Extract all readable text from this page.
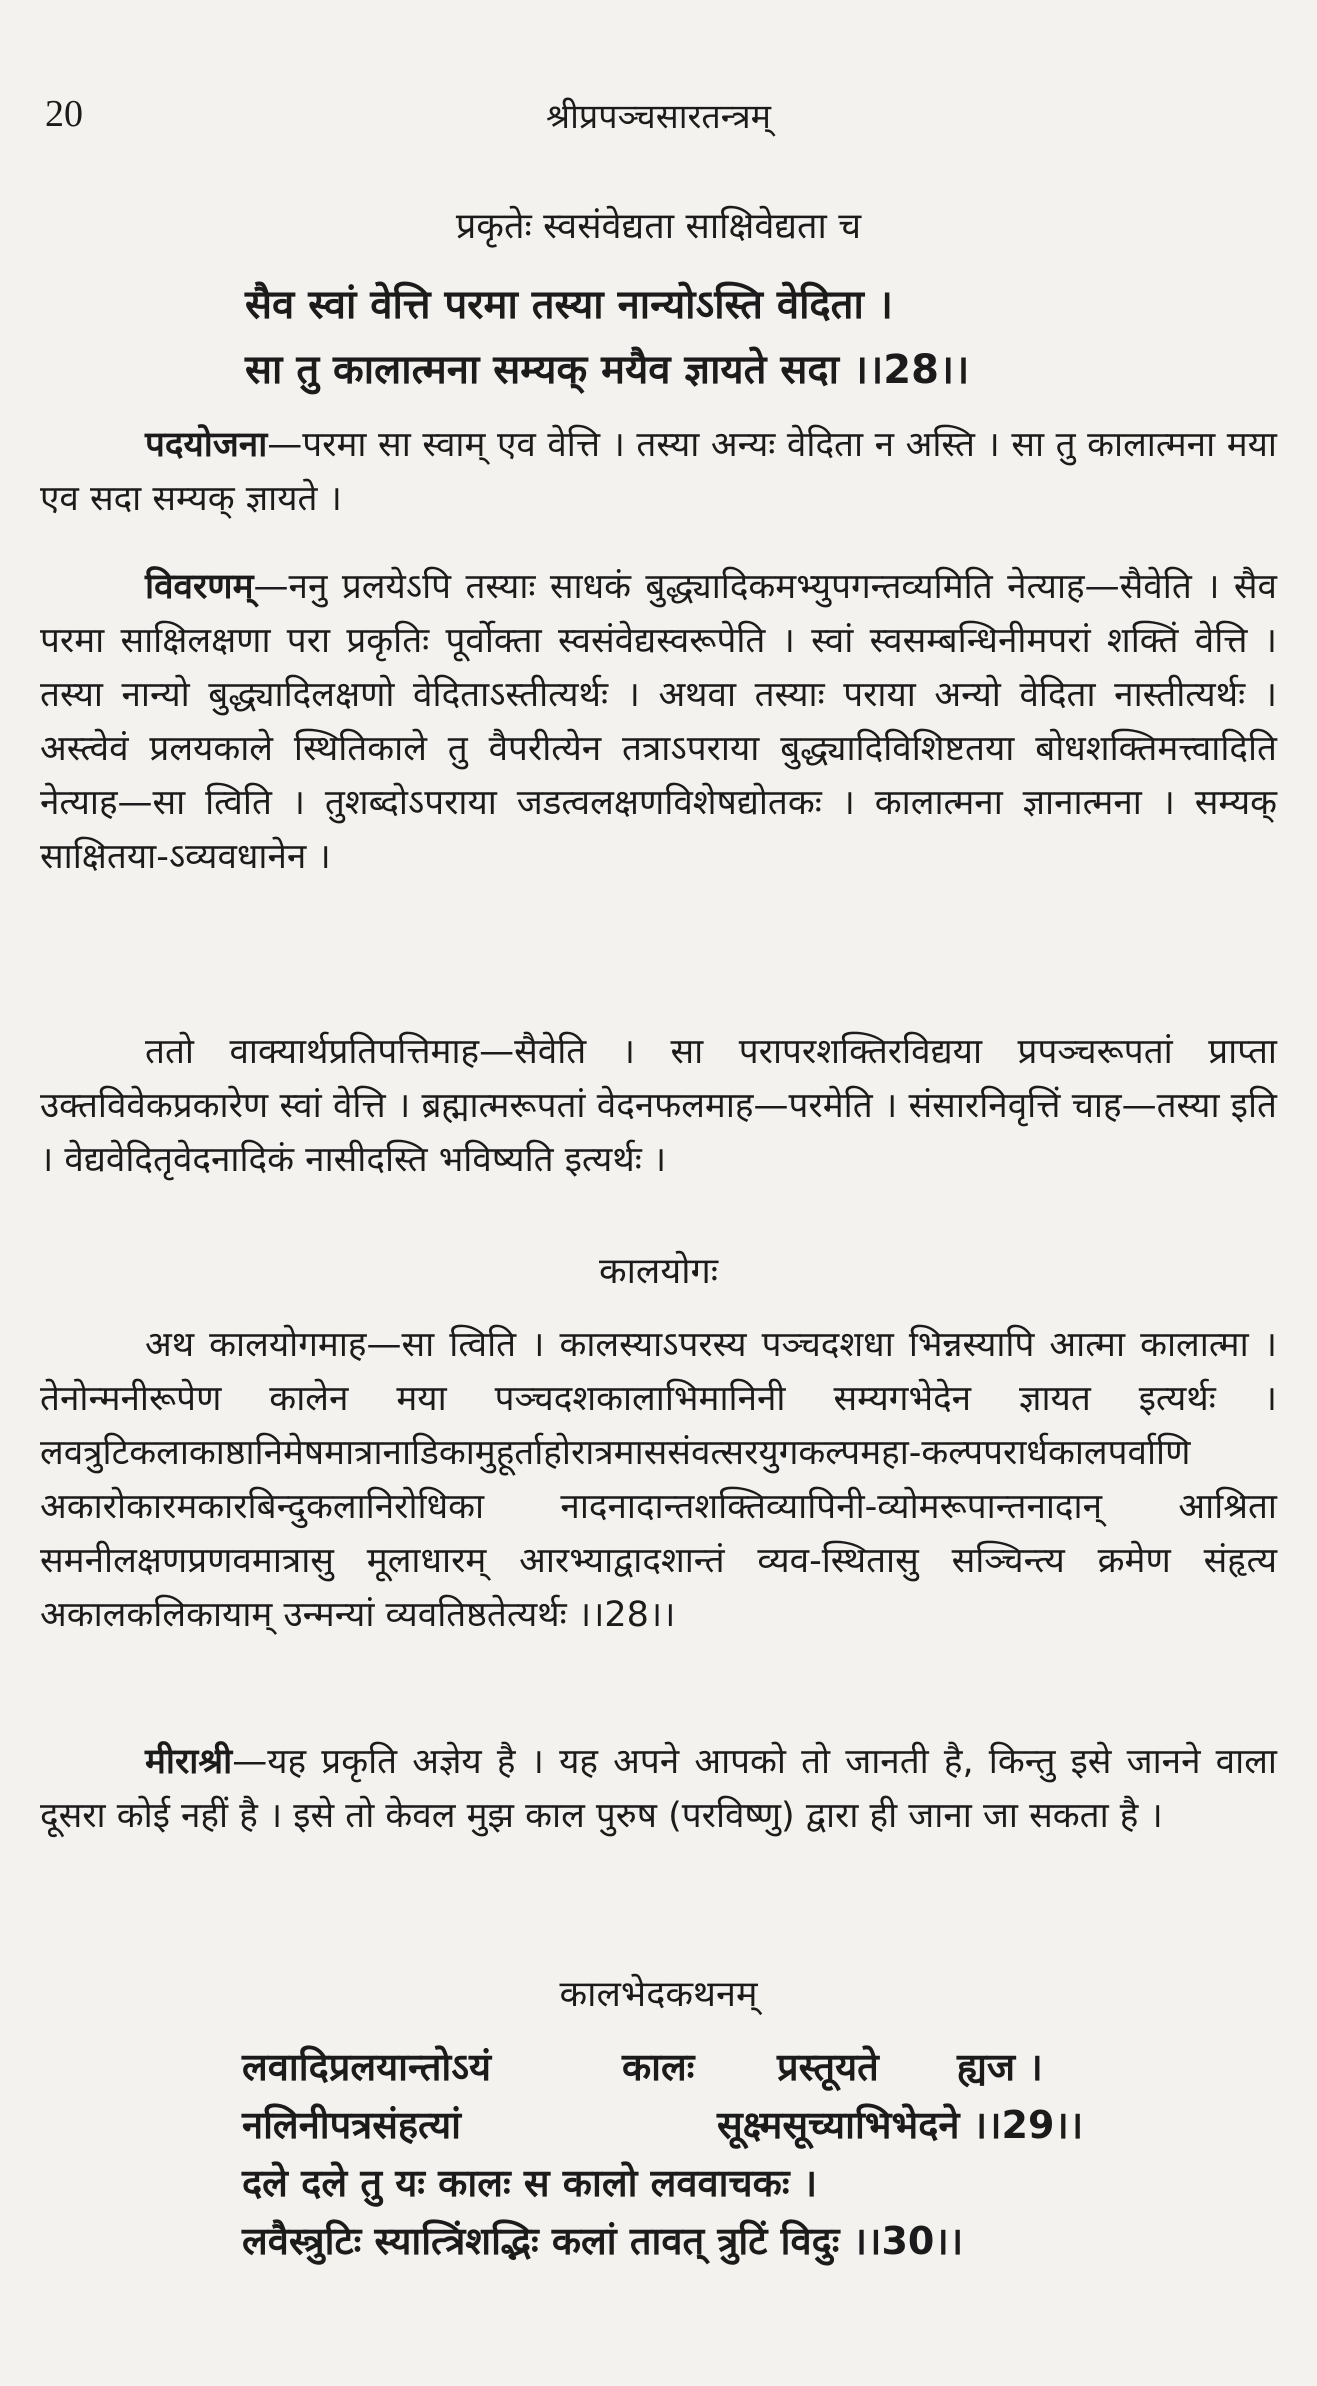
20	श्रीप्रपञ्चसारतन्त्रम्
प्रकृतेः स्वसंवेद्यता साक्षिवेद्यता च
सैव स्वां वेत्ति परमा तस्या नान्योऽस्ति वेदिता ।
सा तु कालात्मना सम्यक् मयैव ज्ञायते सदा ।।28।।

पदयोजना—परमा सा स्वाम् एव वेत्ति । तस्या अन्यः वेदिता न अस्ति । सा तु कालात्मना मया एव सदा सम्यक् ज्ञायते ।

विवरणम्—ननु प्रलयेऽपि तस्याः साधकं बुद्ध्यादिकमभ्युपगन्तव्यमिति नेत्याह—सैवेति । सैव परमा साक्षिलक्षणा परा प्रकृतिः पूर्वोक्ता स्वसंवेद्यस्वरूपेति । स्वां स्वसम्बन्धिनीमपरां शक्तिं वेत्ति । तस्या नान्यो बुद्ध्यादिलक्षणो वेदिताऽस्तीत्यर्थः । अथवा तस्याः पराया अन्यो वेदिता नास्तीत्यर्थः । अस्त्वेवं प्रलयकाले स्थितिकाले तु वैपरीत्येन तत्राऽपराया बुद्ध्यादिविशिष्टतया बोधशक्तिमत्त्वादिति नेत्याह—सा त्विति । तुशब्दोऽपराया जडत्वलक्षणविशेषद्योतकः । कालात्मना ज्ञानात्मना । सम्यक् साक्षितया-ऽव्यवधानेन ।

ततो वाक्यार्थप्रतिपत्तिमाह—सैवेति । सा परापरशक्तिरविद्यया प्रपञ्चरूपतां प्राप्ता उक्तविवेकप्रकारेण स्वां वेत्ति । ब्रह्मात्मरूपतां वेदनफलमाह—परमेति । संसारनिवृत्तिं चाह—तस्या इति । वेद्यवेदितृवेदनादिकं नासीदस्ति भविष्यति इत्यर्थः ।

कालयोगः

अथ कालयोगमाह—सा त्विति । कालस्याऽपरस्य पञ्चदशधा भिन्नस्यापि आत्मा कालात्मा । तेनोन्मनीरूपेण कालेन मया पञ्चदशकालाभिमानिनी सम्यगभेदेन ज्ञायत इत्यर्थः । लवत्रुटिकलाकाष्ठानिमेषमात्रानाडिकामुहूर्ताहोरात्रमाससंवत्सरयुगकल्पमहा-कल्पपरार्धकालपर्वाणि अकारोकारमकारबिन्दुकलानिरोधिका नादनादान्तशक्तिव्यापिनी-व्योमरूपान्तनादान् आश्रिता समनीलक्षणप्रणवमात्रासु मूलाधारम् आरभ्याद्वादशान्तं व्यव-स्थितासु सञ्चिन्त्य क्रमेण संहृत्य अकालकलिकायाम् उन्मन्यां व्यवतिष्ठतेत्यर्थः ।।28।।

मीराश्री—यह प्रकृति अज्ञेय है । यह अपने आपको तो जानती है, किन्तु इसे जानने वाला दूसरा कोई नहीं है । इसे तो केवल मुझ काल पुरुष (परविष्णु) द्वारा ही जाना जा सकता है ।

कालभेदकथनम्
लवादिप्रलयान्तोऽयं	कालः प्रस्तूयते ह्यज ।
नलिनीपत्रसंहत्यां	सूक्ष्मसूच्याभिभेदने ।।29।।
दले दले तु यः कालः स कालो लववाचकः ।
लवैस्त्रुटिः स्यात्त्रिंशद्भिः कलां तावत् त्रुटिं विदुः ।।30।।
